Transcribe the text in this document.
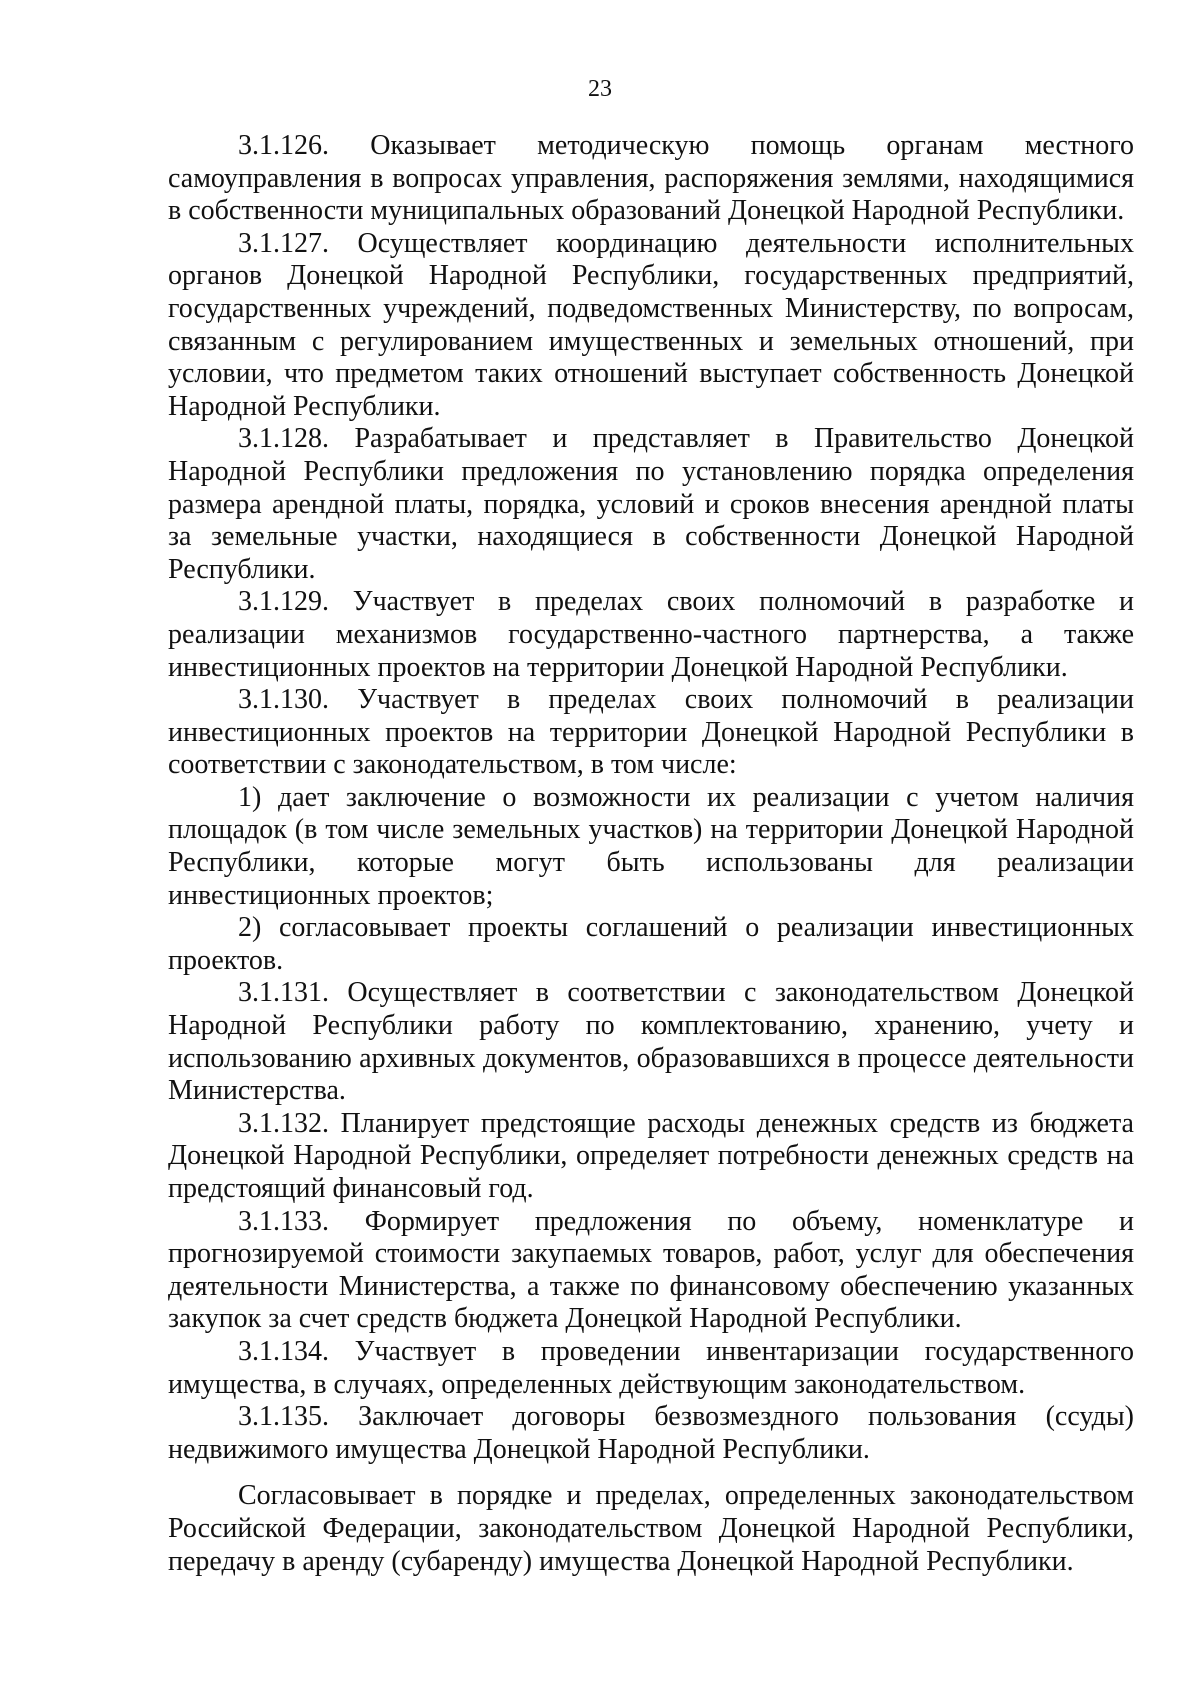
23

3.1.126. Оказывает методическую помощь органам местного самоуправления в вопросах управления, распоряжения землями, находящимися в собственности муниципальных образований Донецкой Народной Республики.

3.1.127. Осуществляет координацию деятельности исполнительных органов Донецкой Народной Республики, государственных предприятий, государственных учреждений, подведомственных Министерству, по вопросам, связанным с регулированием имущественных и земельных отношений, при условии, что предметом таких отношений выступает собственность Донецкой Народной Республики.

3.1.128. Разрабатывает и представляет в Правительство Донецкой Народной Республики предложения по установлению порядка определения размера арендной платы, порядка, условий и сроков внесения арендной платы за земельные участки, находящиеся в собственности Донецкой Народной Республики.

3.1.129. Участвует в пределах своих полномочий в разработке и реализации механизмов государственно-частного партнерства, а также инвестиционных проектов на территории Донецкой Народной Республики.

3.1.130. Участвует в пределах своих полномочий в реализации инвестиционных проектов на территории Донецкой Народной Республики в соответствии с законодательством, в том числе:

1) дает заключение о возможности их реализации с учетом наличия площадок (в том числе земельных участков) на территории Донецкой Народной Республики, которые могут быть использованы для реализации инвестиционных проектов;

2) согласовывает проекты соглашений о реализации инвестиционных проектов.

3.1.131. Осуществляет в соответствии с законодательством Донецкой Народной Республики работу по комплектованию, хранению, учету и использованию архивных документов, образовавшихся в процессе деятельности Министерства.

3.1.132. Планирует предстоящие расходы денежных средств из бюджета Донецкой Народной Республики, определяет потребности денежных средств на предстоящий финансовый год.

3.1.133. Формирует предложения по объему, номенклатуре и прогнозируемой стоимости закупаемых товаров, работ, услуг для обеспечения деятельности Министерства, а также по финансовому обеспечению указанных закупок за счет средств бюджета Донецкой Народной Республики.

3.1.134. Участвует в проведении инвентаризации государственного имущества, в случаях, определенных действующим законодательством.

3.1.135. Заключает договоры безвозмездного пользования (ссуды) недвижимого имущества Донецкой Народной Республики.

Согласовывает в порядке и пределах, определенных законодательством Российской Федерации, законодательством Донецкой Народной Республики, передачу в аренду (субаренду) имущества Донецкой Народной Республики.
